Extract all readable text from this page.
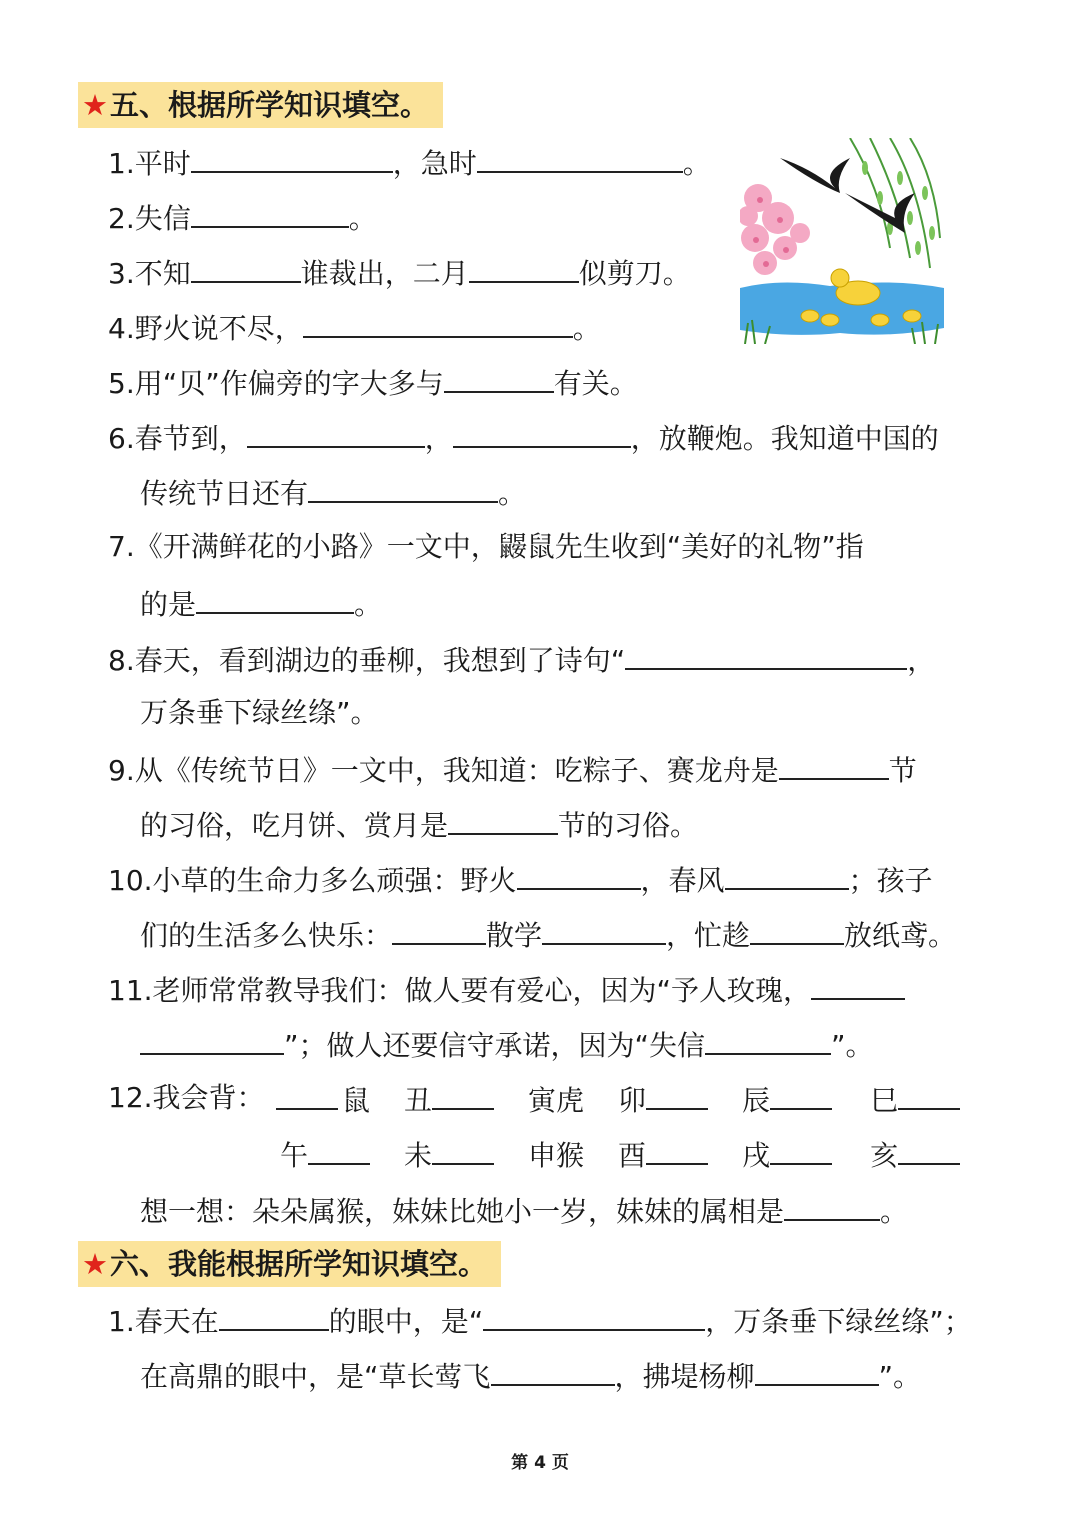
★五、根据所学知识填空。
1.平时	，急时	。
2.失信	。
3.不知	谁裁出，二月	似剪刀。
4.野火说不尽，	。
5.用“贝”作偏旁的字大多与	有关。
6.春节到，	，	，放鞭炮。我知道中国的
传统节日还有	。
7.《开满鲜花的小路》一文中，鼹鼠先生收到“美好的礼物”指
的是	。
8.春天，看到湖边的垂柳，我想到了诗句“	，
万条垂下绿丝绦”。
9.从《传统节日》一文中，我知道：吃粽子、赛龙舟是	节
的习俗，吃月饼、赏月是	节的习俗。
10.小草的生命力多么顽强：野火	，春风	；孩子
们的生活多么快乐：	散学	，忙趁	放纸鸢。
11.老师常常教导我们：做人要有爱心，因为“予人玫瑰，
”；做人还要信守承诺，因为“失信	”。
12.我会背：	鼠 丑	寅虎 卯	辰	巳
午	未	申猴 酉	戌	亥
想一想：朵朵属猴，妹妹比她小一岁，妹妹的属相是	。
★六、我能根据所学知识填空。
1.春天在	的眼中，是“	，万条垂下绿丝绦”；
在高鼎的眼中，是“草长莺飞	，拂堤杨柳	”。
第 4 页
